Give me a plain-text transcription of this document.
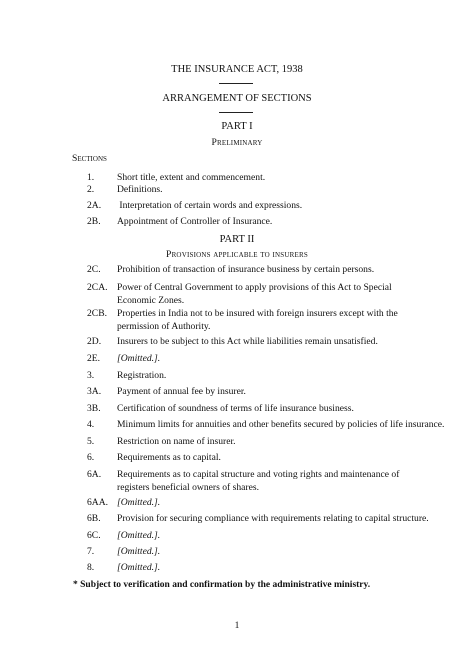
THE INSURANCE ACT, 1938
ARRANGEMENT OF SECTIONS
PART I
Preliminary
Sections
1. Short title, extent and commencement.
2. Definitions.
2A. Interpretation of certain words and expressions.
2B. Appointment of Controller of Insurance.
PART II
Provisions applicable to insurers
2C. Prohibition of transaction of insurance business by certain persons.
2CA. Power of Central Government to apply provisions of this Act to Special Economic Zones.
2CB. Properties in India not to be insured with foreign insurers except with the permission of Authority.
2D. Insurers to be subject to this Act while liabilities remain unsatisfied.
2E. [Omitted.].
3. Registration.
3A. Payment of annual fee by insurer.
3B. Certification of soundness of terms of life insurance business.
4. Minimum limits for annuities and other benefits secured by policies of life insurance.
5. Restriction on name of insurer.
6. Requirements as to capital.
6A. Requirements as to capital structure and voting rights and maintenance of registers beneficial owners of shares.
6AA. [Omitted.].
6B. Provision for securing compliance with requirements relating to capital structure.
6C. [Omitted.].
7. [Omitted.].
8. [Omitted.].
* Subject to verification and confirmation by the administrative ministry.
1
